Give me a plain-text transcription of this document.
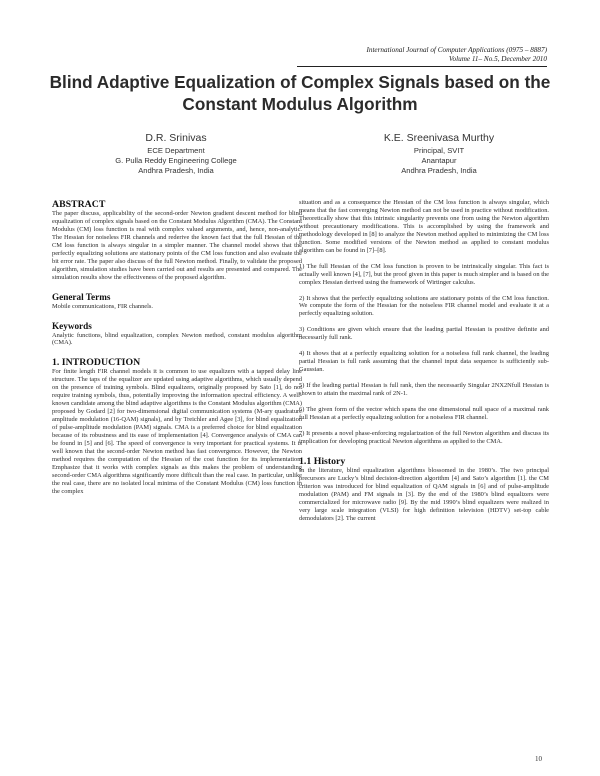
International Journal of Computer Applications (0975 – 8887)
Volume 11– No.5, December 2010
Blind Adaptive Equalization of Complex Signals based on the Constant Modulus Algorithm
D.R. Srinivas
ECE Department
G. Pulla Reddy Engineering College
Andhra Pradesh, India
K.E. Sreenivasa Murthy
Principal, SVIT
Anantapur
Andhra Pradesh, India
ABSTRACT

The paper discuss, applicability of the second-order Newton gradient descent method for blind equalization of complex signals based on the Constant Modulus Algorithm (CMA). The Constant Modulus (CM) loss function is real with complex valued arguments, and, hence, non-analytic. The Hessian for noiseless FIR channels and rederive the known fact that the full Hessian of the CM loss function is always singular in a simpler manner. The channel model shows that the perfectly equalizing solutions are stationary points of the CM loss function and also evaluate the bit error rate. The paper also discuss of the full Newton method. Finally, to validate the proposed algorithm, simulation studies have been carried out and results are presented and compared. The simulation results show the effectiveness of the proposed algorithm.

General Terms

Mobile communications, FIR channels.

Keywords

Analytic functions, blind equalization, complex Newton method, constant modulus algorithm (CMA).

1. INTRODUCTION

For finite length FIR channel models it is common to use equalizers with a tapped delay line structure. The taps of the equalizer are updated using adaptive algorithms, which usually depend on the presence of training symbols. Blind equalizers, originally proposed by Sato [1], do not require training symbols, thus, potentially improving the information spectral efficiency. A well-known candidate among the blind adaptive algorithms is the Constant Modulus algorithm (CMA) proposed by Godard [2] for two-dimensional digital communication systems (M-ary quadrature amplitude modulation (16-QAM) signals), and by Treichler and Agee [3], for blind equalization of pulse-amplitude modulation (PAM) signals. CMA is a preferred choice for blind equalization because of its robustness and its ease of implementation [4]. Convergence analysis of CMA can be found in [5] and [6]. The speed of convergence is very important for practical systems. It is well known that the second-order Newton method has fast convergence. However, the Newton method requires the computation of the Hessian of the cost function for its implementation. Emphasize that it works with complex signals as this makes the problem of understanding second-order CMA algorithms significantly more difficult than the real case. In particular, unlike the real case, there are no isolated local minima of the Constant Modulus (CM) loss function in the complex

situation and as a consequence the Hessian of the CM loss function is always singular, which means that the fast converging Newton method can not be used in practice without modification. Theoretically show that this intrinsic singularity prevents one from using the Newton algorithm without precautionary modifications. This is accomplished by using the framework and methodology developed in [8] to analyze the Newton method applied to minimizing the CM loss function. Some modified versions of the Newton method as applied to constant modulus algorithm can be found in [7]–[8].

1) The full Hessian of the CM loss function is proven to be intrinsically singular. This fact is actually well known [4], [7], but the proof given in this paper is much simpler and is based on the complex Hessian derived using the framework of Wirtinger calculus.

2) It shows that the perfectly equalizing solutions are stationary points of the CM loss function. We compute the form of the Hessian for the noiseless FIR channel model and evaluate it at a perfectly equalizing solution.

3) Conditions are given which ensure that the leading partial Hessian is positive definite and necessarily full rank.

4) It shows that at a perfectly equalizing solution for a noiseless full rank channel, the leading partial Hessian is full rank assuming that the channel input data sequence is sufficiently sub-Gaussian.

5) If the leading partial Hessian is full rank, then the necessarily Singular 2NX2Nfull Hessian is shown to attain the maximal rank of 2N-1.

6) The given form of the vector which spans the one dimensional null space of a maximal rank full Hessian at a perfectly equalizing solution for a noiseless FIR channel.

7) It presents a novel phase-enforcing regularization of the full Newton algorithm and discuss its implication for developing practical Newton algorithms as applied to the CMA.

1.1 History

In the literature, blind equalization algorithms blossomed in the 1980’s. The two principal precursors are Lucky’s blind decision-direction algorithm [4] and Sato’s algorithm [1]. the CM criterion was introduced for blind equalization of QAM signals in [6] and of pulse-amplitude modulation (PAM) and FM signals in [3]. By the end of the 1980’s blind equalizers were commercialized for microwave radio [9]. By the mid 1990’s blind equalizers were realized in very large scale integration (VLSI) for high definition television (HDTV) set-top cable demodulators [2]. The current

10
